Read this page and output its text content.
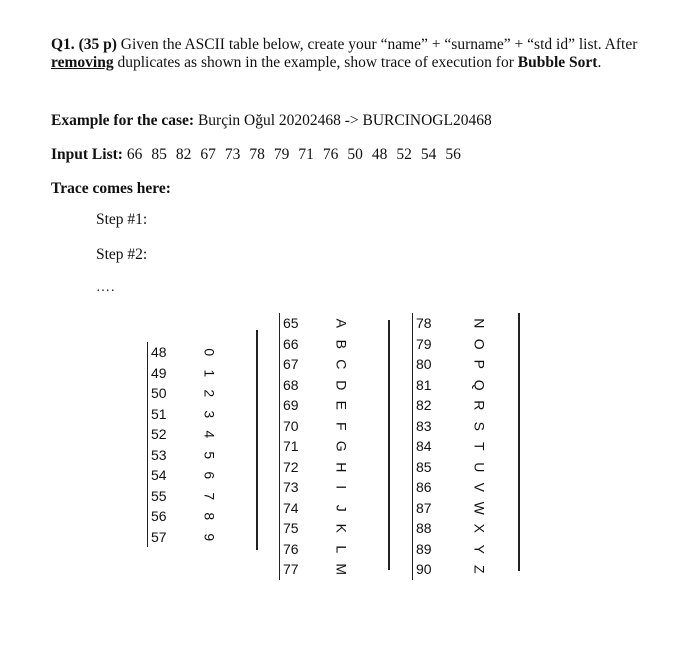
Q1. (35 p) Given the ASCII table below, create your “name” + “surname” + “std id” list. After removing duplicates as shown in the example, show trace of execution for Bubble Sort.
Example for the case: Burçin Oğul 20202468 -> BURCINOGL20468
Input List: 66 85 82 67 73 78 79 71 76 50 48 52 54 56
Trace comes here:
Step #1:
Step #2:
….
48
49
50
51
52
53
54
55
56
57
0
1
2
3
4
5
6
7
8
9
65
66
67
68
69
70
71
72
73
74
75
76
77
A
B
C
D
E
F
G
H
I
J
K
L
M
78
79
80
81
82
83
84
85
86
87
88
89
90
N
O
P
Q
R
S
T
U
V
W
X
Y
Z
